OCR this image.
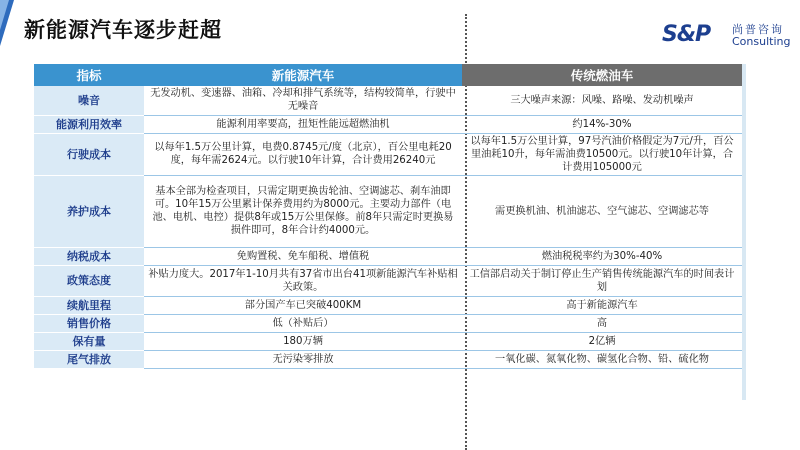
新能源汽车逐步赶超	S&P 尚普咨询
Consulting
指标	新能源汽车	传统燃油车
噪音	无发动机、变速器、油箱、冷却和排气系统等，结构较简单，行驶中无噪音	三大噪声来源：风噪、路噪、发动机噪声
能源利用效率	能源利用率要高，扭矩性能远超燃油机	约14%-30%
行驶成本	以每年1.5万公里计算，电费0.8745元/度（北京），百公里电耗20度，每年需2624元。以行驶10年计算，合计费用26240元	以每年1.5万公里计算，97号汽油价格假定为7元/升，百公里油耗10升，每年需油费10500元。以行驶10年计算，合计费用105000元
养护成本	基本全部为检查项目，只需定期更换齿轮油、空调滤芯、刹车油即可。10年15万公里累计保养费用约为8000元。主要动力部件（电池、电机、电控）提供8年或15万公里保修。前8年只需定时更换易损件即可，8年合计约4000元。	需更换机油、机油滤芯、空气滤芯、空调滤芯等
纳税成本	免购置税、免车船税、增值税	燃油税税率约为30%-40%
政策态度	补贴力度大。2017年1-10月共有37省市出台41项新能源汽车补贴相关政策。	工信部启动关于制订停止生产销售传统能源汽车的时间表计划
续航里程	部分国产车已突破400KM	高于新能源汽车
销售价格	低（补贴后）	高
保有量	180万辆	2亿辆
尾气排放	无污染零排放	一氧化碳、氮氧化物、碳氢化合物、铅、硫化物
